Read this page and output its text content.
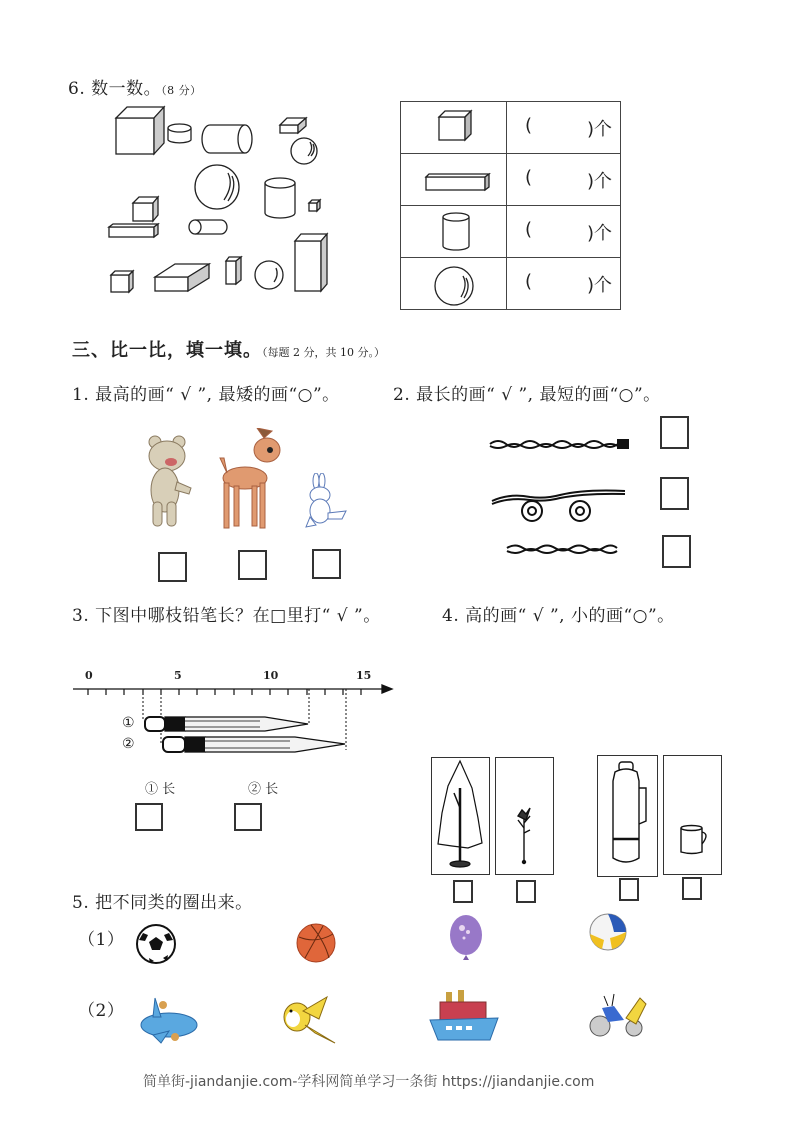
6. 数一数。（8 分）

( )个

( )个

( )个

( )个
三、比一比，填一填。（每题 2 分，共 10 分。）
1. 最高的画“ √ ”, 最矮的画“○”。	2. 最长的画“ √ ”, 最短的画“○”。
3. 下图中哪枝铅笔长？在□里打“ √ ”。	4. 高的画“ √ ”, 小的画“○”。
0	5	10	15
①
②
① 长	② 长
5. 把不同类的圈出来。
（1）
（2）
简单街-jiandanjie.com-学科网简单学习一条街 https://jiandanjie.com
